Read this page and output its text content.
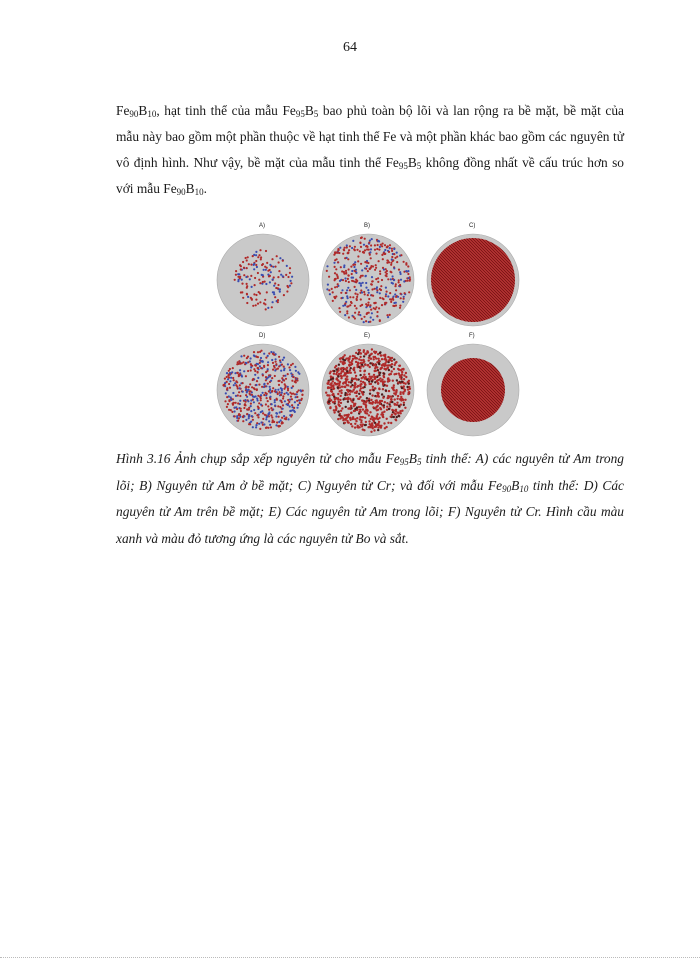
64

$Fe_{90}B_{10}$, hạt tinh thể của mẫu $Fe_{95}B_5$ bao phủ toàn bộ lõi và lan rộng ra bề mặt, bề mặt của mẫu này bao gồm một phần thuộc về hạt tinh thể Fe và một phần khác bao gồm các nguyên tử vô định hình. Như vậy, bề mặt của mẫu tinh thể $Fe_{95}B_5$ không đồng nhất về cấu trúc hơn so với mẫu $Fe_{90}B_{10}$.

A)	B)	C)
D)	E)	F)

Hình 3.16 Ảnh chụp sắp xếp nguyên tử cho mẫu $Fe_{95}B_5$ tinh thể: A) các nguyên tử Am trong lõi; B) Nguyên tử Am ở bề mặt; C) Nguyên tử Cr; và đối với mẫu $Fe_{90}B_{10}$ tinh thể: D) Các nguyên tử Am trên bề mặt; E) Các nguyên tử Am trong lõi; F) Nguyên tử Cr. Hình cầu màu xanh và màu đỏ tương ứng là các nguyên tử Bo và sắt.
